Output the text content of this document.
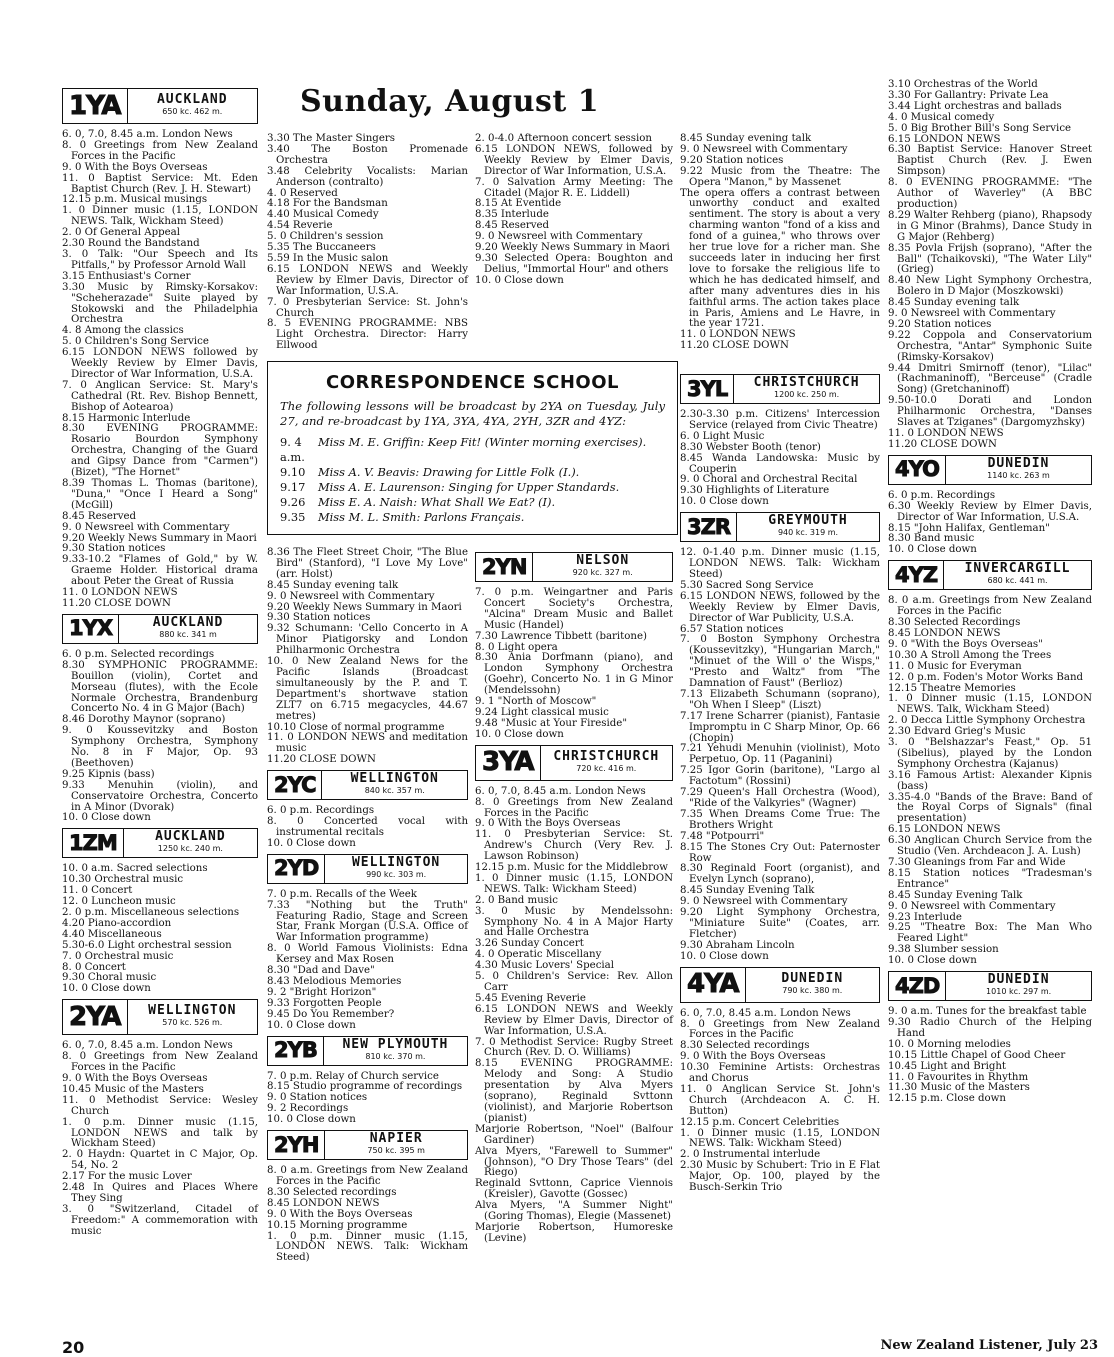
Sunday, August 1
1YA	AUCKLAND
650 kc. 462 m.

6. 0, 7.0, 8.45 a.m. London News

8. 0 Greetings from New Zealand Forces in the Pacific

9. 0 With the Boys Overseas

11. 0 Baptist Service: Mt. Eden Baptist Church (Rev. J. H. Stewart)

12.15 p.m. Musical musings

1. 0 Dinner music (1.15, LONDON NEWS. Talk, Wickham Steed)

2. 0 Of General Appeal

2.30 Round the Bandstand

3. 0 Talk: "Our Speech and Its Pitfalls," by Professor Arnold Wall

3.15 Enthusiast's Corner

3.30 Music by Rimsky-Korsakov: "Scheherazade" Suite played by Stokowski and the Philadelphia Orchestra

4. 8 Among the classics

5. 0 Children's Song Service

6.15 LONDON NEWS followed by Weekly Review by Elmer Davis, Director of War Information, U.S.A.

7. 0 Anglican Service: St. Mary's Cathedral (Rt. Rev. Bishop Bennett, Bishop of Aotearoa)

8.15 Harmonic Interlude

8.30 EVENING PROGRAMME: Rosario Bourdon Symphony Orchestra, Changing of the Guard and Gipsy Dance from "Carmen") (Bizet), "The Hornet"

8.39 Thomas L. Thomas (baritone), "Duna," "Once I Heard a Song" (McGill)

8.45 Reserved

9. 0 Newsreel with Commentary

9.20 Weekly News Summary in Maori

9.30 Station notices

9.33-10.2 "Flames of Gold," by W. Graeme Holder. Historical drama about Peter the Great of Russia

11. 0 LONDON NEWS

11.20 CLOSE DOWN

1YX	AUCKLAND
880 kc. 341 m

6. 0 p.m. Selected recordings

8.30 SYMPHONIC PROGRAMME: Bouillon (violin), Cortet and Morseau (flutes), with the Ecole Normale Orchestra, Brandenburg Concerto No. 4 in G Major (Bach)

8.46 Dorothy Maynor (soprano)

9. 0 Koussevitzky and Boston Symphony Orchestra, Symphony No. 8 in F Major, Op. 93 (Beethoven)

9.25 Kipnis (bass)

9.33 Menuhin (violin), and Conservatoire Orchestra, Concerto in A Minor (Dvorak)

10. 0 Close down

1ZM	AUCKLAND
1250 kc. 240 m.

10. 0 a.m. Sacred selections

10.30 Orchestral music

11. 0 Concert

12. 0 Luncheon music

2. 0 p.m. Miscellaneous selections

4.20 Piano-accordion

4.40 Miscellaneous

5.30-6.0 Light orchestral session

7. 0 Orchestral music

8. 0 Concert

9.30 Choral music

10. 0 Close down

2YA	WELLINGTON
570 kc. 526 m.

6. 0, 7.0, 8.45 a.m. London News

8. 0 Greetings from New Zealand Forces in the Pacific

9. 0 With the Boys Overseas

10.45 Music of the Masters

11. 0 Methodist Service: Wesley Church

1. 0 p.m. Dinner music (1.15, LONDON NEWS and talk by Wickham Steed)

2. 0 Haydn: Quartet in C Major, Op. 54, No. 2

2.17 For the music Lover

2.48 In Quires and Places Where They Sing

3. 0 "Switzerland, Citadel of Freedom:" A commemoration with music

3.30 The Master Singers

3.40 The Boston Promenade Orchestra

3.48 Celebrity Vocalists: Marian Anderson (contralto)

4. 0 Reserved

4.18 For the Bandsman

4.40 Musical Comedy

4.54 Reverie

5. 0 Children's session

5.35 The Buccaneers

5.59 In the Music salon

6.15 LONDON NEWS and Weekly Review by Elmer Davis, Director of War Information, U.S.A.

7. 0 Presbyterian Service: St. John's Church

8. 5 EVENING PROGRAMME: NBS Light Orchestra. Director: Harry Ellwood

2. 0-4.0 Afternoon concert session

6.15 LONDON NEWS, followed by Weekly Review by Elmer Davis, Director of War Information, U.S.A.

7. 0 Salvation Army Meeting: The Citadel (Major R. E. Liddell)

8.15 At Eventide

8.35 Interlude

8.45 Reserved

9. 0 Newsreel with Commentary

9.20 Weekly News Summary in Maori

9.30 Selected Opera: Boughton and Delius, "Immortal Hour" and others

10. 0 Close down

8.45 Sunday evening talk

9. 0 Newsreel with Commentary

9.20 Station notices

9.22 Music from the Theatre: The Opera "Manon," by Massenet

The opera offers a contrast between unworthy conduct and exalted sentiment. The story is about a very charming wanton "fond of a kiss and fond of a guinea," who throws over her true love for a richer man. She succeeds later in inducing her first love to forsake the religious life to which he has dedicated himself, and after many adventures dies in his faithful arms. The action takes place in Paris, Amiens and Le Havre, in the year 1721.

11. 0 LONDON NEWS

11.20 CLOSE DOWN

CORRESPONDENCE SCHOOL

The following lessons will be broadcast by 2YA on Tuesday, July 27, and re-broadcast by 1YA, 3YA, 4YA, 2YH, 3ZR and 4YZ:

9. 4 a.m.
Miss M. E. Griffin: Keep Fit! (Winter morning exercises).
9.10	Miss A. V. Beavis: Drawing for Little Folk (I.).
9.17	Miss A. E. Laurenson: Singing for Upper Standards.
9.26	Miss E. A. Naish: What Shall We Eat? (I).
9.35	Miss M. L. Smith: Parlons Français.

8.36 The Fleet Street Choir, "The Blue Bird" (Stanford), "I Love My Love" (arr. Holst)

8.45 Sunday evening talk

9. 0 Newsreel with Commentary

9.20 Weekly News Summary in Maori

9.30 Station notices

9.32 Schumann: 'Cello Concerto in A Minor Piatigorsky and London Philharmonic Orchestra

10. 0 New Zealand News for the Pacific Islands (Broadcast simultaneously by the P. and T. Department's shortwave station ZLT7 on 6.715 megacycles, 44.67 metres)

10.10 Close of normal programme

11. 0 LONDON NEWS and meditation music

11.20 CLOSE DOWN

2YC	WELLINGTON
840 kc. 357 m.

6. 0 p.m. Recordings

8. 0 Concerted vocal with instrumental recitals

10. 0 Close down

2YD	WELLINGTON
990 kc. 303 m.

7. 0 p.m. Recalls of the Week

7.33 "Nothing but the Truth" Featuring Radio, Stage and Screen Star, Frank Morgan (U.S.A. Office of War Information programme)

8. 0 World Famous Violinists: Edna Kersey and Max Rosen

8.30 "Dad and Dave"

8.43 Melodious Memories

9. 2 "Bright Horizon"

9.33 Forgotten People

9.45 Do You Remember?

10. 0 Close down

2YB	NEW PLYMOUTH
810 kc. 370 m.

7. 0 p.m. Relay of Church service

8.15 Studio programme of recordings

9. 0 Station notices

9. 2 Recordings

10. 0 Close down

2YH	NAPIER
750 kc. 395 m

8. 0 a.m. Greetings from New Zealand Forces in the Pacific

8.30 Selected recordings

8.45 LONDON NEWS

9. 0 With the Boys Overseas

10.15 Morning programme

1. 0 p.m. Dinner music (1.15, LONDON NEWS. Talk: Wickham Steed)

2YN	NELSON
920 kc. 327 m.

7. 0 p.m. Weingartner and Paris Concert Society's Orchestra, "Alcina" Dream Music and Ballet Music (Handel)

7.30 Lawrence Tibbett (baritone)

8. 0 Light opera

8.30 Ania Dorfmann (piano), and London Symphony Orchestra (Goehr), Concerto No. 1 in G Minor (Mendelssohn)

9. 1 "North of Moscow"

9.24 Light classical music

9.48 "Music at Your Fireside"

10. 0 Close down

3YA	CHRISTCHURCH
720 kc. 416 m.

6. 0, 7.0, 8.45 a.m. London News

8. 0 Greetings from New Zealand Forces in the Pacific

9. 0 With the Boys Overseas

11. 0 Presbyterian Service: St. Andrew's Church (Very Rev. J. Lawson Robinson)

12.15 p.m. Music for the Middlebrow

1. 0 Dinner music (1.15, LONDON NEWS. Talk: Wickham Steed)

2. 0 Band music

3. 0 Music by Mendelssohn: Symphony No. 4 in A Major Harty and Halle Orchestra

3.26 Sunday Concert

4. 0 Operatic Miscellany

4.30 Music Lovers' Special

5. 0 Children's Service: Rev. Allon Carr

5.45 Evening Reverie

6.15 LONDON NEWS and Weekly Review by Elmer Davis, Director of War Information, U.S.A.

7. 0 Methodist Service: Rugby Street Church (Rev. D. O. Williams)

8.15 EVENING PROGRAMME: Melody and Song: A Studio presentation by Alva Myers (soprano), Reginald Svttonn (violinist), and Marjorie Robertson (pianist)

Marjorie Robertson, "Noel" (Balfour Gardiner)

Alva Myers, "Farewell to Summer" (Johnson), "O Dry Those Tears" (del Riego)

Reginald Svttonn, Caprice Viennois (Kreisler), Gavotte (Gossec)

Alva Myers, "A Summer Night" (Goring Thomas), Elegie (Massenet)

Marjorie Robertson, Humoreske (Levine)

3YL	CHRISTCHURCH
1200 kc. 250 m.

2.30-3.30 p.m. Citizens' Intercession Service (relayed from Civic Theatre)

6. 0 Light Music

8.30 Webster Booth (tenor)

8.45 Wanda Landowska: Music by Couperin

9. 0 Choral and Orchestral Recital

9.30 Highlights of Literature

10. 0 Close down

3ZR	GREYMOUTH
940 kc. 319 m.

12. 0-1.40 p.m. Dinner music (1.15, LONDON NEWS. Talk: Wickham Steed)

5.30 Sacred Song Service

6.15 LONDON NEWS, followed by the Weekly Review by Elmer Davis, Director of War Publicity, U.S.A.

6.57 Station notices

7. 0 Boston Symphony Orchestra (Koussevitzky), "Hungarian March," "Minuet of the Will o' the Wisps," "Presto and Waltz" from "The Damnation of Faust" (Berlioz)

7.13 Elizabeth Schumann (soprano), "Oh When I Sleep" (Liszt)

7.17 Irene Scharrer (pianist), Fantasie Impromptu in C Sharp Minor, Op. 66 (Chopin)

7.21 Yehudi Menuhin (violinist), Moto Perpetuo, Op. 11 (Paganini)

7.25 Igor Gorin (baritone), "Largo al Factotum" (Rossini)

7.29 Queen's Hall Orchestra (Wood), "Ride of the Valkyries" (Wagner)

7.35 When Dreams Come True: The Brothers Wright

7.48 "Potpourri"

8.15 The Stones Cry Out: Paternoster Row

8.30 Reginald Foort (organist), and Evelyn Lynch (soprano),

8.45 Sunday Evening Talk

9. 0 Newsreel with Commentary

9.20 Light Symphony Orchestra, "Miniature Suite" (Coates, arr. Fletcher)

9.30 Abraham Lincoln

10. 0 Close down

4YA	DUNEDIN
790 kc. 380 m.

6. 0, 7.0, 8.45 a.m. London News

8. 0 Greetings from New Zealand Forces in the Pacific

8.30 Selected recordings

9. 0 With the Boys Overseas

10.30 Feminine Artists: Orchestras and Chorus

11. 0 Anglican Service St. John's Church (Archdeacon A. C. H. Button)

12.15 p.m. Concert Celebrities

1. 0 Dinner music (1.15, LONDON NEWS. Talk: Wickham Steed)

2. 0 Instrumental interlude

2.30 Music by Schubert: Trio in E Flat Major, Op. 100, played by the Busch-Serkin Trio

3.10 Orchestras of the World

3.30 For Gallantry: Private Lea

3.44 Light orchestras and ballads

4. 0 Musical comedy

5. 0 Big Brother Bill's Song Service

6.15 LONDON NEWS

6.30 Baptist Service: Hanover Street Baptist Church (Rev. J. Ewen Simpson)

8. 0 EVENING PROGRAMME: "The Author of Waverley" (A BBC production)

8.29 Walter Rehberg (piano), Rhapsody in G Minor (Brahms), Dance Study in G Major (Rehberg)

8.35 Povla Frijsh (soprano), "After the Ball" (Tchaikovski), "The Water Lily" (Grieg)

8.40 New Light Symphony Orchestra, Bolero in D Major (Moszkowski)

8.45 Sunday evening talk

9. 0 Newsreel with Commentary

9.20 Station notices

9.22 Coppola and Conservatorium Orchestra, "Antar" Symphonic Suite (Rimsky-Korsakov)

9.44 Dmitri Smirnoff (tenor), "Lilac" (Rachmaninoff), "Berceuse" (Cradle Song) (Gretchaninoff)

9.50-10.0 Dorati and London Philharmonic Orchestra, "Danses Slaves at Tziganes" (Dargomyzhsky)

11. 0 LONDON NEWS

11.20 CLOSE DOWN

4YO	DUNEDIN
1140 kc. 263 m

6. 0 p.m. Recordings

6.30 Weekly Review by Elmer Davis, Director of War Information, U.S.A.

8.15 "John Halifax, Gentleman"

8.30 Band music

10. 0 Close down

4YZ	INVERCARGILL
680 kc. 441 m.

8. 0 a.m. Greetings from New Zealand Forces in the Pacific

8.30 Selected Recordings

8.45 LONDON NEWS

9. 0 "With the Boys Overseas"

10.30 A Stroll Among the Trees

11. 0 Music for Everyman

12. 0 p.m. Foden's Motor Works Band

12.15 Theatre Memories

1. 0 Dinner music (1.15, LONDON NEWS. Talk, Wickham Steed)

2. 0 Decca Little Symphony Orchestra

2.30 Edvard Grieg's Music

3. 0 "Belshazzar's Feast," Op. 51 (Sibelius), played by the London Symphony Orchestra (Kajanus)

3.16 Famous Artist: Alexander Kipnis (bass)

3.35-4.0 "Bands of the Brave: Band of the Royal Corps of Signals" (final presentation)

6.15 LONDON NEWS

6.30 Anglican Church Service from the Studio (Ven. Archdeacon J. A. Lush)

7.30 Gleanings from Far and Wide

8.15 Station notices "Tradesman's Entrance"

8.45 Sunday Evening Talk

9. 0 Newsreel with Commentary

9.23 Interlude

9.25 "Theatre Box: The Man Who Feared Light"

9.38 Slumber session

10. 0 Close down

4ZD	DUNEDIN
1010 kc. 297 m.

9. 0 a.m. Tunes for the breakfast table

9.30 Radio Church of the Helping Hand

10. 0 Morning melodies

10.15 Little Chapel of Good Cheer

10.45 Light and Bright

11. 0 Favourites in Rhythm

11.30 Music of the Masters

12.15 p.m. Close down

20	New Zealand Listener, July 23
